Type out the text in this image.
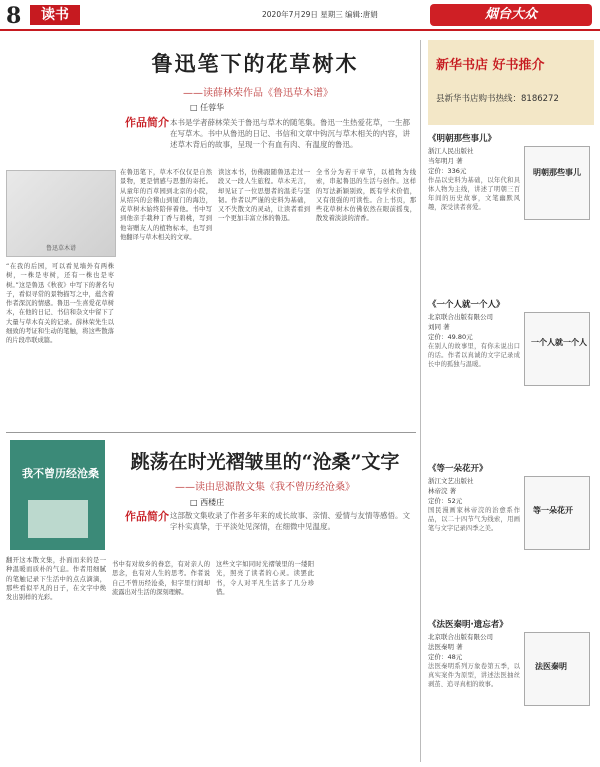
8	读书	2020年7月29日 星期三 编辑:唐娟	烟台大众
鲁迅笔下的花草树木
——读薛林荣作品《鲁迅草木谱》
□ 任蓉华
作品简介 本书是学者薛林荣关于鲁迅与草木的随笔集。鲁迅一生热爱花草，一生都在写草木。书中从鲁迅的日记、书信和文章中钩沉与草木相关的内容，讲述草木背后的故事，呈现一个有血有肉、有温度的鲁迅。
鲁迅草木谱
“在我的后园，可以看见墙外有两株树，一株是枣树，还有一株也是枣树。”这是鲁迅《秋夜》中写下的著名句子，看似寻常的景物描写之中，蕴含着作者深沉的情感。鲁迅一生喜爱花草树木，在他的日记、书信和杂文中留下了大量与草木有关的记录。薛林荣先生以细致的考证和生动的笔触，将这些散落的片段串联成篇。
在鲁迅笔下，草木不仅仅是自然景物，更是情感与思想的寄托。从童年的百草园到北京的小院，从绍兴的会稽山到厦门的海边，花草树木始终陪伴着他。书中写到他亲手栽种丁香与碧桃，写到他寄赠友人的植物标本，也写到他翻译与草木相关的文章。
读这本书，仿佛跟随鲁迅走过一段又一段人生旅程。草木无言，却见证了一位思想者的温柔与坚韧。作者以严谨的史料为基础，又不失散文的灵动，让读者看到一个更加丰富立体的鲁迅。
全书分为若干章节，以植物为线索，串起鲁迅的生活与创作。这样的写法新颖别致，既有学术价值，又有很强的可读性。合上书页，那些花草树木仿佛依然在眼前摇曳，散发着淡淡的清香。
我不曾历经沧桑
跳荡在时光褶皱里的“沧桑”文字
——读由思源散文集《我不曾历经沧桑》
□ 西楼庄
作品简介 这部散文集收录了作者多年来的成长故事、亲情、爱情与友情等感悟。文字朴实真挚，于平淡处见深情，在细微中见温度。
翻开这本散文集，扑面而来的是一种温暖而质朴的气息。作者用细腻的笔触记录下生活中的点点滴滴，那些看似平凡的日子，在文字中焕发出别样的光彩。
书中有对故乡的眷恋，有对亲人的思念，也有对人生的思考。作者说自己不曾历经沧桑，但字里行间却流露出对生活的深刻理解。
这些文字如同时光褶皱里的一缕阳光，照亮了读者的心灵。读罢此书，令人对平凡生活多了几分珍惜。
新华书店 好书推介
县新华书店购书热线：8186272
《明朝那些事儿》
浙江人民出版社
当年明月 著
定价：336元
作品以史料为基础，以年代和具体人物为主线，讲述了明朝三百年间的历史故事，文笔幽默风趣，深受读者喜爱。
明朝那些事儿
《一个人就一个人》
北京联合出版有限公司
刘同 著
定价：49.80元
在别人的故事里，有你未说出口的话。作者以真诚的文字记录成长中的孤独与温暖。
一个人就一个人
《等一朵花开》
浙江文艺出版社
林帝浣 著
定价：52元
国民漫画家林帝浣的治愈系作品，以二十四节气为线索，用画笔与文字记录四季之美。
等一朵花开
《法医秦明·遗忘者》
北京联合出版有限公司
法医秦明 著
定价：48元
法医秦明系列万象卷第五季，以真实案件为原型，讲述法医抽丝剥茧、追寻真相的故事。
法医秦明
